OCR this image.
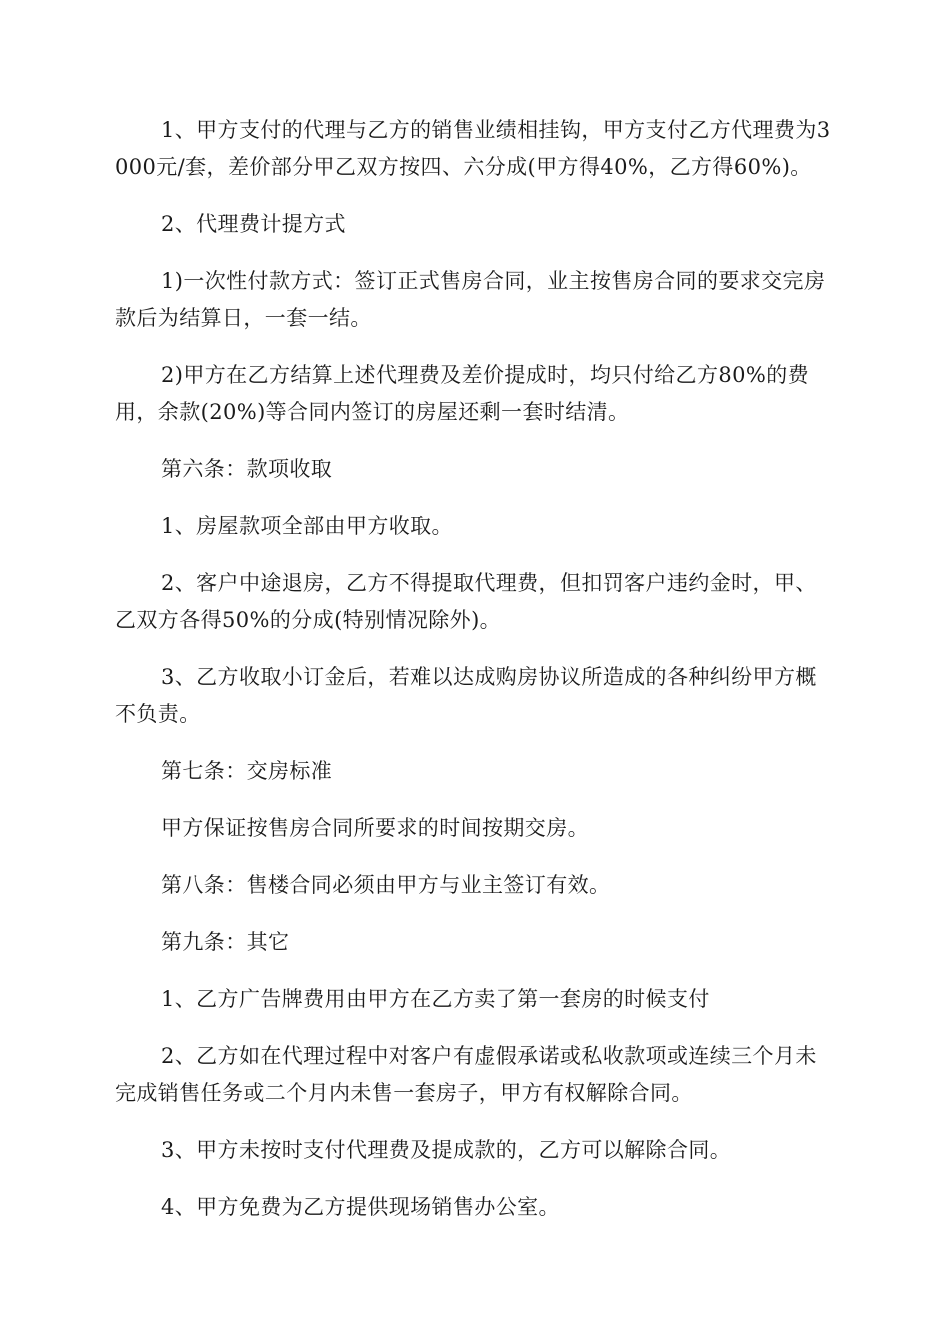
1、甲方支付的代理与乙方的销售业绩相挂钩，甲方支付乙方代理费为3000元/套，差价部分甲乙双方按四、六分成(甲方得40%，乙方得60%)。

2、代理费计提方式

1)一次性付款方式：签订正式售房合同，业主按售房合同的要求交完房款后为结算日，一套一结。

2)甲方在乙方结算上述代理费及差价提成时，均只付给乙方80%的费用，余款(20%)等合同内签订的房屋还剩一套时结清。

第六条：款项收取

1、房屋款项全部由甲方收取。

2、客户中途退房，乙方不得提取代理费，但扣罚客户违约金时，甲、乙双方各得50%的分成(特别情况除外)。

3、乙方收取小订金后，若难以达成购房协议所造成的各种纠纷甲方概不负责。

第七条：交房标准

甲方保证按售房合同所要求的时间按期交房。

第八条：售楼合同必须由甲方与业主签订有效。

第九条：其它

1、乙方广告牌费用由甲方在乙方卖了第一套房的时候支付

2、乙方如在代理过程中对客户有虚假承诺或私收款项或连续三个月未完成销售任务或二个月内未售一套房子，甲方有权解除合同。

3、甲方未按时支付代理费及提成款的，乙方可以解除合同。

4、甲方免费为乙方提供现场销售办公室。
